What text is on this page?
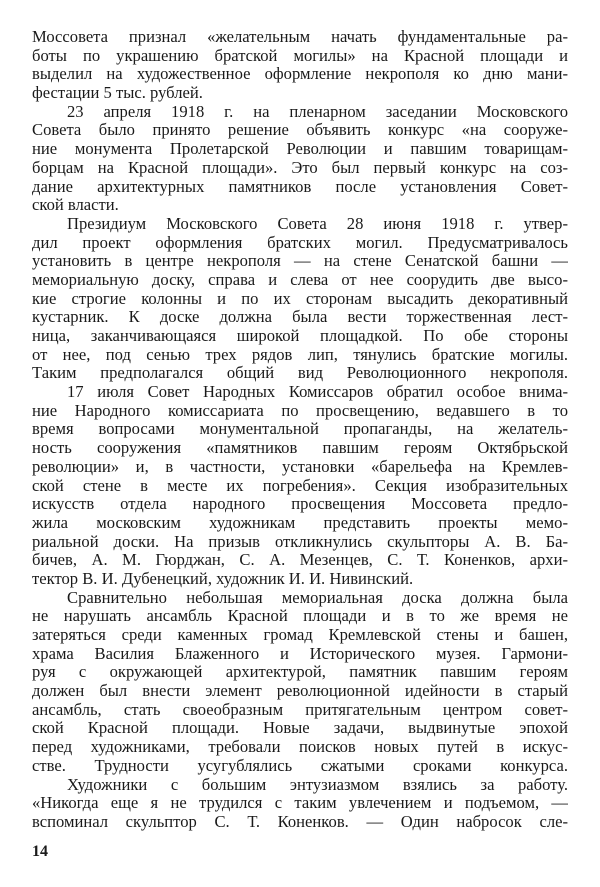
Моссовета признал «желательным начать фундаментальные ра-
боты по украшению братской могилы» на Красной площади и
выделил на художественное оформление некрополя ко дню мани-
фестации 5 тыс. рублей.
23 апреля 1918 г. на пленарном заседании Московского
Совета было принято решение объявить конкурс «на сооруже-
ние монумента Пролетарской Революции и павшим товарищам-
борцам на Красной площади». Это был первый конкурс на соз-
дание архитектурных памятников после установления Совет-
ской власти.
Президиум Московского Совета 28 июня 1918 г. утвер-
дил проект оформления братских могил. Предусматривалось
установить в центре некрополя — на стене Сенатской башни —
мемориальную доску, справа и слева от нее соорудить две высо-
кие строгие колонны и по их сторонам высадить декоративный
кустарник. К доске должна была вести торжественная лест-
ница, заканчивающаяся широкой площадкой. По обе стороны
от нее, под сенью трех рядов лип, тянулись братские могилы.
Таким предполагался общий вид Революционного некрополя.
17 июля Совет Народных Комиссаров обратил особое внима-
ние Народного комиссариата по просвещению, ведавшего в то
время вопросами монументальной пропаганды, на желатель-
ность сооружения «памятников павшим героям Октябрьской
революции» и, в частности, установки «барельефа на Кремлев-
ской стене в месте их погребения». Секция изобразительных
искусств отдела народного просвещения Моссовета предло-
жила московским художникам представить проекты мемо-
риальной доски. На призыв откликнулись скульпторы А. В. Ба-
бичев, А. М. Гюрджан, С. А. Мезенцев, С. Т. Коненков, архи-
тектор В. И. Дубенецкий, художник И. И. Нивинский.
Сравнительно небольшая мемориальная доска должна была
не нарушать ансамбль Красной площади и в то же время не
затеряться среди каменных громад Кремлевской стены и башен,
храма Василия Блаженного и Исторического музея. Гармони-
руя с окружающей архитектурой, памятник павшим героям
должен был внести элемент революционной идейности в старый
ансамбль, стать своеобразным притягательным центром совет-
ской Красной площади. Новые задачи, выдвинутые эпохой
перед художниками, требовали поисков новых путей в искус-
стве. Трудности усугублялись сжатыми сроками конкурса.
Художники с большим энтузиазмом взялись за работу.
«Никогда еще я не трудился с таким увлечением и подъемом, —
вспоминал скульптор С. Т. Коненков. — Один набросок сле-
14
